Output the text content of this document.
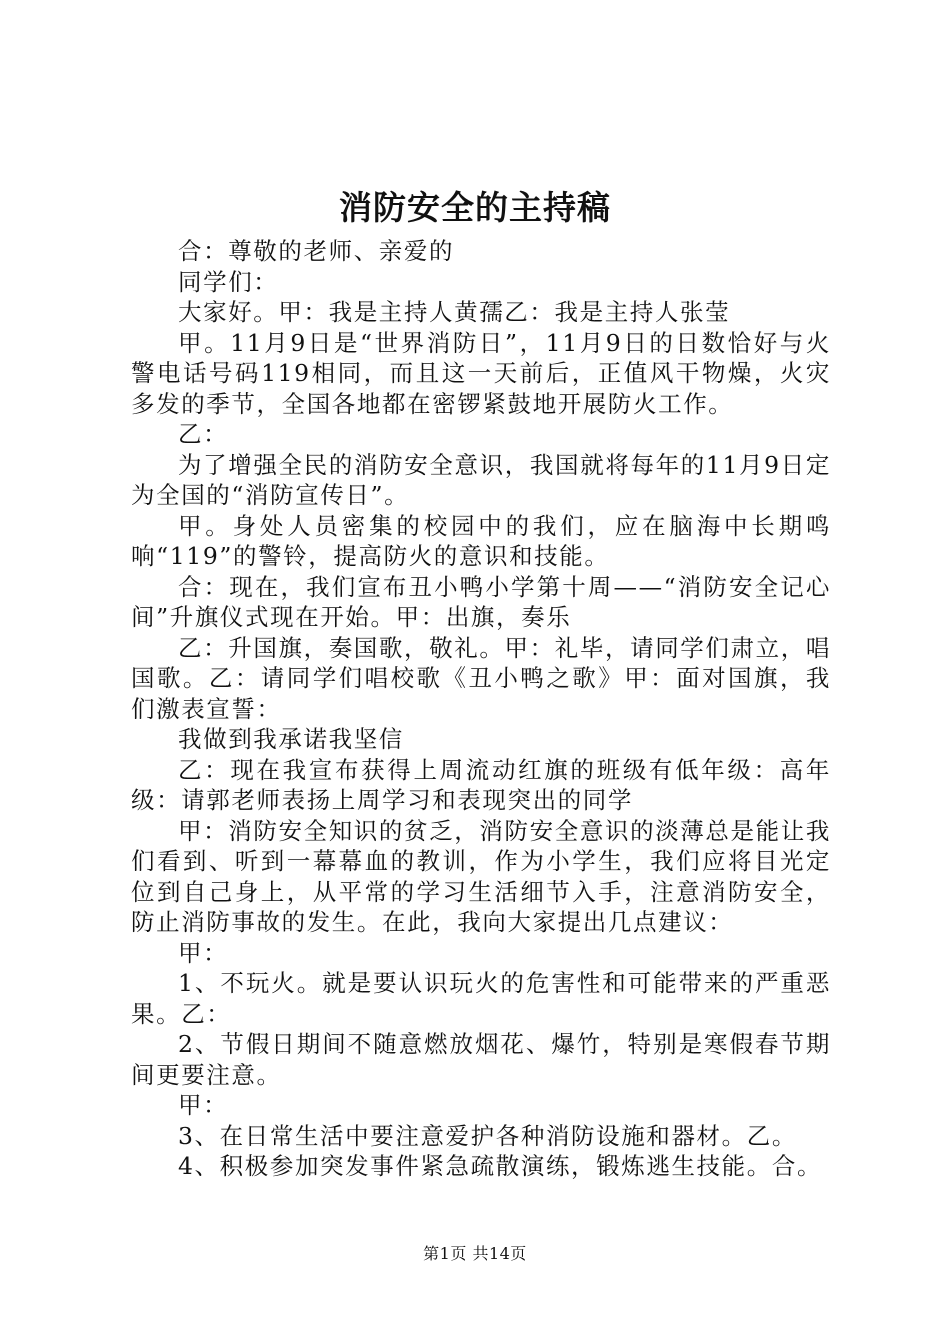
消防安全的主持稿

合：尊敬的老师、亲爱的

同学们：

大家好。甲：我是主持人黄孺乙：我是主持人张莹

甲。11月9日是“世界消防日”，11月9日的日数恰好与火警电话号码119相同，而且这一天前后，正值风干物燥，火灾多发的季节，全国各地都在密锣紧鼓地开展防火工作。

乙：

为了增强全民的消防安全意识，我国就将每年的11月9日定为全国的“消防宣传日”。

甲。身处人员密集的校园中的我们，应在脑海中长期鸣响“119”的警铃，提高防火的意识和技能。

合：现在，我们宣布丑小鸭小学第十周——“消防安全记心间”升旗仪式现在开始。甲：出旗，奏乐

乙：升国旗，奏国歌，敬礼。甲：礼毕，请同学们肃立，唱国歌。乙：请同学们唱校歌《丑小鸭之歌》甲：面对国旗，我们激表宣誓：

我做到我承诺我坚信

乙：现在我宣布获得上周流动红旗的班级有低年级：高年级：请郭老师表扬上周学习和表现突出的同学

甲：消防安全知识的贫乏，消防安全意识的淡薄总是能让我们看到、听到一幕幕血的教训，作为小学生，我们应将目光定位到自己身上，从平常的学习生活细节入手，注意消防安全，防止消防事故的发生。在此，我向大家提出几点建议：

甲：

1、不玩火。就是要认识玩火的危害性和可能带来的严重恶果。乙：

2、节假日期间不随意燃放烟花、爆竹，特别是寒假春节期间更要注意。

甲：

3、在日常生活中要注意爱护各种消防设施和器材。乙。

4、积极参加突发事件紧急疏散演练，锻炼逃生技能。合。

第1页 共14页
